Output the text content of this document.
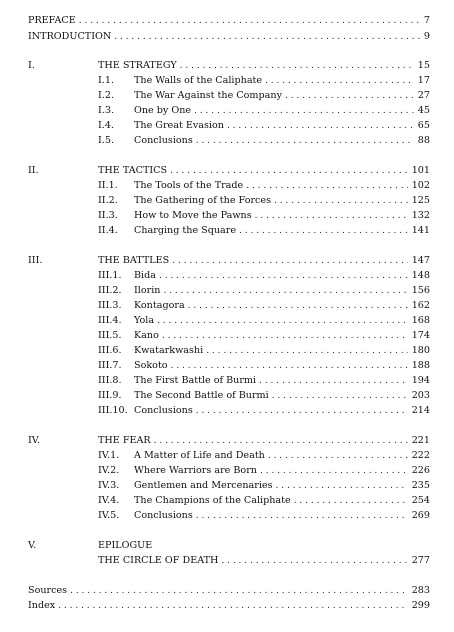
PREFACE . . .	7
INTRODUCTION . . .	9
I.	THE STRATEGY . . .	15
I.1.	The Walls of the Caliphate . . .	17
I.2.	The War Against the Company . . .	27
I.3.	One by One . . .	45
I.4.	The Great Evasion . . .	65
I.5.	Conclusions . . .	88
II.	THE TACTICS . . .	101
II.1.	The Tools of the Trade . . .	102
II.2.	The Gathering of the Forces . . .	125
II.3.	How to Move the Pawns . . .	132
II.4.	Charging the Square . . .	141
III.	THE BATTLES . . .	147
III.1.	Bida . . .	148
III.2.	Ilorin . . .	156
III.3.	Kontagora . . .	162
III.4.	Yola . . .	168
III.5.	Kano . . .	174
III.6.	Kwatarkwashi . . .	180
III.7.	Sokoto . . .	188
III.8.	The First Battle of Burmi . . .	194
III.9.	The Second Battle of Burmi . . .	203
III.10. Conclusions . . .	214
IV.	THE FEAR . . .	221
IV.1.	A Matter of Life and Death . . .	222
IV.2.	Where Warriors are Born . . .	226
IV.3.	Gentlemen and Mercenaries . . .	235
IV.4.	The Champions of the Caliphate . . .	254
IV.5.	Conclusions . . .	269
V.	EPILOGUE
THE CIRCLE OF DEATH . . .	277
Sources . . .	283
Index . . .	299
